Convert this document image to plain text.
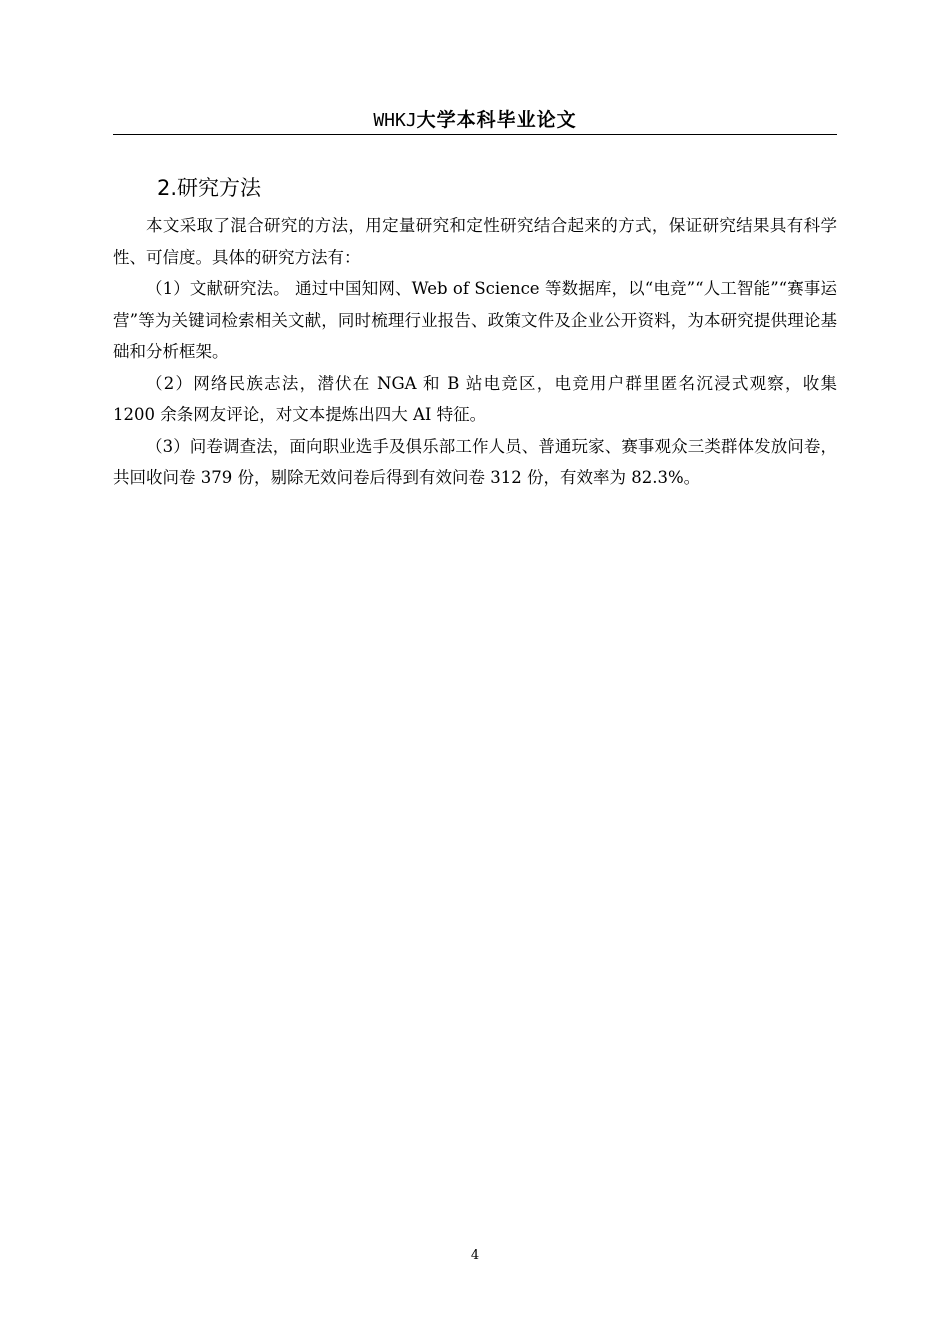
WHKJ大学本科毕业论文
2.研究方法

本文采取了混合研究的方法，用定量研究和定性研究结合起来的方式，保证研究结果具有科学性、可信度。具体的研究方法有：

（1）文献研究法。 通过中国知网、Web of Science 等数据库，以“电竞”“人工智能”“赛事运营”等为关键词检索相关文献，同时梳理行业报告、政策文件及企业公开资料，为本研究提供理论基础和分析框架。

（2）网络民族志法，潜伏在 NGA 和 B 站电竞区，电竞用户群里匿名沉浸式观察，收集 1200 余条网友评论，对文本提炼出四大 AI 特征。

（3）问卷调查法，面向职业选手及俱乐部工作人员、普通玩家、赛事观众三类群体发放问卷，共回收问卷 379 份，剔除无效问卷后得到有效问卷 312 份，有效率为 82.3%。

4
